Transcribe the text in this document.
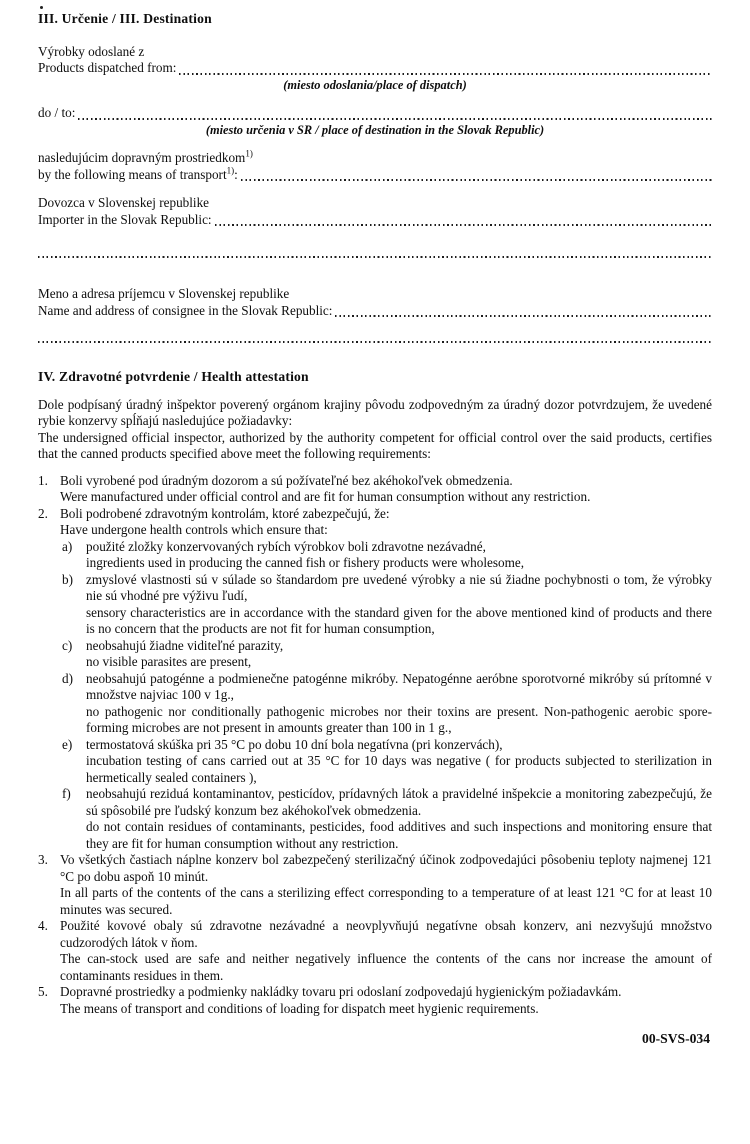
III. Určenie / III. Destination
Výrobky odoslané z
Products dispatched from:
(miesto odoslania/place of dispatch)
do / to:
(miesto určenia v SR / place of destination in the Slovak Republic)
nasledujúcim dopravným prostriedkom$^{1)}$
by the following means of transport$^{1)}$:
Dovozca v Slovenskej republike
Importer in the Slovak Republic:
Meno a adresa príjemcu v Slovenskej republike
Name and address of consignee in the Slovak Republic:
IV. Zdravotné potvrdenie / Health attestation
Dole podpísaný úradný inšpektor poverený orgánom krajiny pôvodu zodpovedným za úradný dozor potvrdzujem, že uvedené rybie konzervy spĺňajú nasledujúce požiadavky:
The undersigned official inspector, authorized by the authority competent for official control over the said products, certifies that the canned products specified above meet the following requirements:
1. Boli vyrobené pod úradným dozorom a sú požívateľné bez akéhokoľvek obmedzenia.
Were manufactured under official control and are fit for human consumption without any restriction.
2. Boli podrobené zdravotným kontrolám, ktoré zabezpečujú, že:
Have undergone health controls which ensure that:
a)	použité zložky konzervovaných rybích výrobkov boli zdravotne nezávadné,
ingredients used in producing the canned fish or fishery products were wholesome,
b) zmyslové vlastnosti sú v súlade so štandardom pre uvedené výrobky a nie sú žiadne pochybnosti o tom, že výrobky nie sú vhodné pre výživu ľudí,
sensory characteristics are in accordance with the standard given for the above mentioned kind of products and there is no concern that the products are not fit for human consumption,
c)	neobsahujú žiadne viditeľné parazity,
no visible parasites are present,
d) neobsahujú patogénne a podmienečne patogénne mikróby. Nepatogénne aeróbne sporotvorné mikróby sú prítomné v množstve najviac 100 v 1g.,
no pathogenic nor conditionally pathogenic microbes nor their toxins are present. Non-pathogenic aerobic spore-forming microbes are not present in amounts greater than 100 in 1 g.,
e)	termostatová skúška pri 35 °C po dobu 10 dní bola negatívna (pri konzervách),
incubation testing of cans carried out at 35 °C for 10 days was negative ( for products subjected to sterilization in hermetically sealed containers ),
f)	neobsahujú reziduá kontaminantov, pesticídov, prídavných látok a pravidelné inšpekcie a monitoring zabezpečujú, že sú spôsobilé pre ľudský konzum bez akéhokoľvek obmedzenia.
do not contain residues of contaminants, pesticides, food additives and such inspections and monitoring ensure that they are fit for human consumption without any restriction.
3. Vo všetkých častiach náplne konzerv bol zabezpečený sterilizačný účinok zodpovedajúci pôsobeniu teploty najmenej 121 °C po dobu aspoň 10 minút.
In all parts of the contents of the cans a sterilizing effect corresponding to a temperature of at least 121 °C for at least 10 minutes was secured.
4. Použité kovové obaly sú zdravotne nezávadné a neovplyvňujú negatívne obsah konzerv, ani nezvyšujú množstvo cudzorodých látok v ňom.
The can-stock used are safe and neither negatively influence the contents of the cans nor increase the amount of contaminants residues in them.
5. Dopravné prostriedky a podmienky nakládky tovaru pri odoslaní zodpovedajú hygienickým požiadavkám.
The means of transport and conditions of loading for dispatch meet hygienic requirements.
00-SVS-034
